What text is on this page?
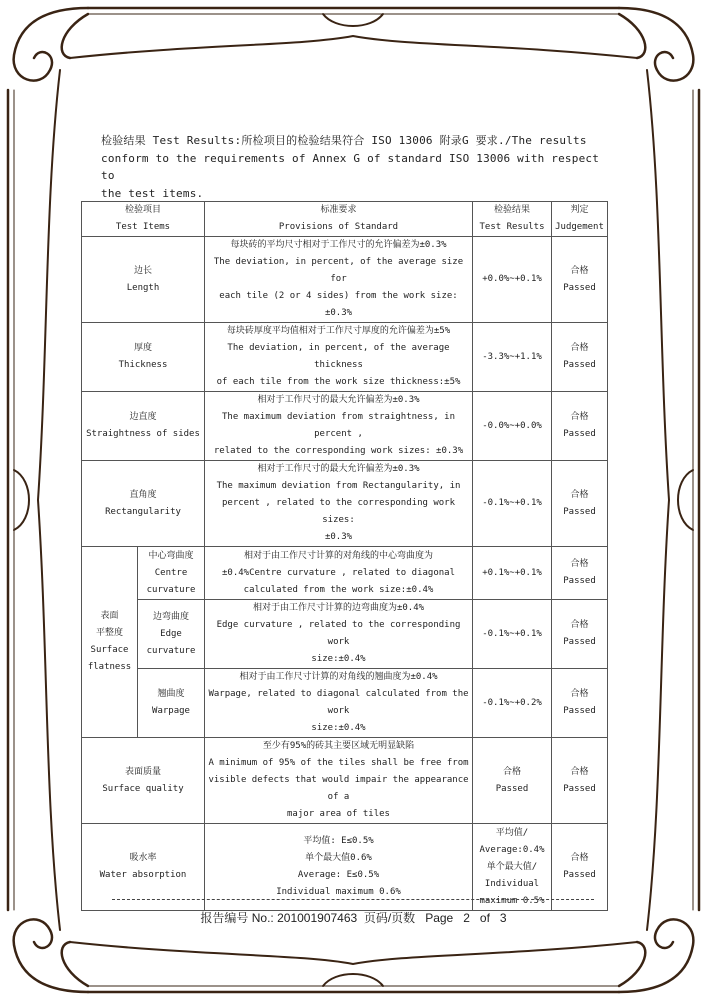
检验结果 Test Results:所检项目的检验结果符合 ISO 13006 附录G 要求./The results
conform to the requirements of Annex G of standard ISO 13006 with respect to
the test items.
检验项目
Test Items		标准要求
Provisions of Standard	检验结果
Test Results	判定
Judgement

边长
Length		每块砖的平均尺寸相对于工作尺寸的允许偏差为±0.3%
The deviation, in percent, of the average size for
each tile (2 or 4 sides) from the work size:
±0.3%	+0.0%~+0.1%	合格
Passed

厚度
Thickness		每块砖厚度平均值相对于工作尺寸厚度的允许偏差为±5%
The deviation, in percent, of the average thickness
of each tile from the work size thickness:±5%	-3.3%~+1.1%	合格
Passed

边直度
Straightness of sides		相对于工作尺寸的最大允许偏差为±0.3%
The maximum deviation from straightness, in percent ,
related to the corresponding work sizes: ±0.3%	-0.0%~+0.0%	合格
Passed

直角度
Rectangularity		相对于工作尺寸的最大允许偏差为±0.3%
The maximum deviation from Rectangularity, in
percent , related to the corresponding work sizes:
±0.3%	-0.1%~+0.1%	合格
Passed

表面
平整度
Surface
flatness	中心弯曲度
Centre
curvature	相对于由工作尺寸计算的对角线的中心弯曲度为
±0.4%Centre curvature , related to diagonal
calculated from the work size:±0.4%	+0.1%~+0.1%	合格
Passed

	边弯曲度
Edge
curvature	相对于由工作尺寸计算的边弯曲度为±0.4%
Edge curvature , related to the corresponding work
size:±0.4%	-0.1%~+0.1%	合格
Passed

	翘曲度
Warpage	相对于由工作尺寸计算的对角线的翘曲度为±0.4%
Warpage, related to diagonal calculated from the work
size:±0.4%	-0.1%~+0.2%	合格
Passed

表面质量
Surface quality		至少有95%的砖其主要区域无明显缺陷
A minimum of 95% of the tiles shall be free from
visible defects that would impair the appearance of a
major area of tiles	合格
Passed	合格
Passed

吸水率
Water absorption		平均值: E≤0.5%
单个最大值0.6%
Average: E≤0.5%
Individual maximum 0.6%	平均值/
Average:0.4%
单个最大值/
Individual
maximum 0.5%	合格
Passed
报告编号 No.: 201001907463  页码/页数   Page   2   of   3
